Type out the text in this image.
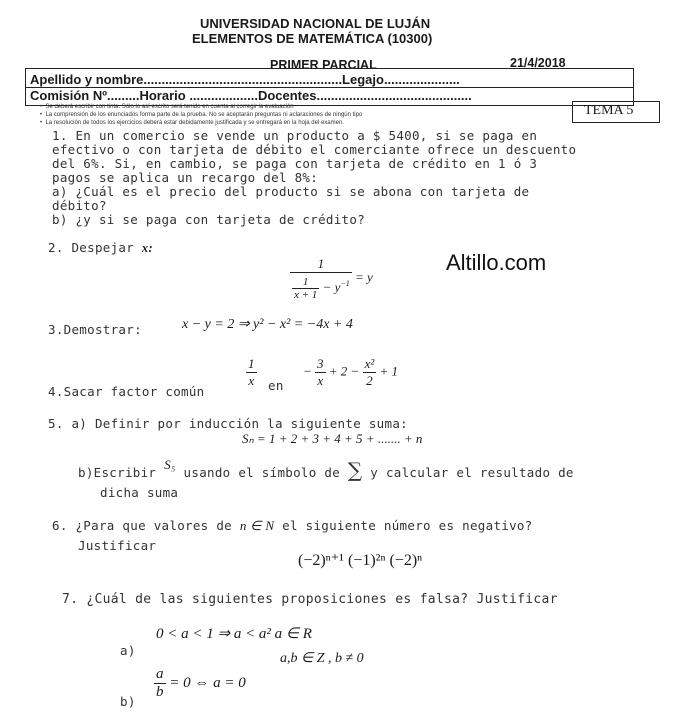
UNIVERSIDAD NACIONAL DE LUJÁN
ELEMENTOS DE MATEMÁTICA (10300)
PRIMER PARCIAL	21/4/2018
Apellido y nombre.......................................................Legajo.....................
Comisión Nº.........Horario ...................Docentes...........................................
•  Se deberá escribir con tinta. Sólo lo así escrito será tenido en cuenta al corregir la evaluación
•  La comprensión de los enunciados forma parte de la prueba. No se aceptarán preguntas ni aclaraciones de ningún tipo
•  La resolución de todos los ejercicios deberá estar debidamente justificada y se entregará en la hoja del examen.
TEMA 5
1. En un comercio se vende un producto a $ 5400, si se paga en
efectivo o con tarjeta de débito el comerciante ofrece un descuento
del 6%. Si, en cambio, se paga con tarjeta de crédito en 1 ó 3
pagos se aplica un recargo del 8%:
a) ¿Cuál es el precio del producto si se abona con tarjeta de
débito?
b) ¿y si se paga con tarjeta de crédito?
Altillo.com
2. Despejar x:
$\frac{1}{\frac{1}{x + 1} - y^{-1}} = y$
3.Demostrar:	x − y = 2 ⇒ y² − x² = −4x + 4
4.Sacar factor común
$\frac{1}{x}$ en
− $\frac{3}{x} + 2 - \frac{\text{x²}}{2} + 1$
5. a) Definir por inducción la siguiente suma:
Sₙ = 1 + 2 + 3 + 4 + 5 + ....... + n
b)Escribir S₅ usando el símbolo de ∑ y calcular el resultado de
dicha suma
6. ¿Para que valores de n ∈ N el siguiente número es negativo?
Justificar
(−2)ⁿ⁺¹ (−1)²ⁿ (−2)ⁿ
7. ¿Cuál de las siguientes proposiciones es falsa? Justificar
a)
0 < a < 1 ⇒ a < a² a ∈ R
a,b ∈ Z , b ≠ 0
b)
$\frac{a}{b} = 0$ ⇔ a = 0
